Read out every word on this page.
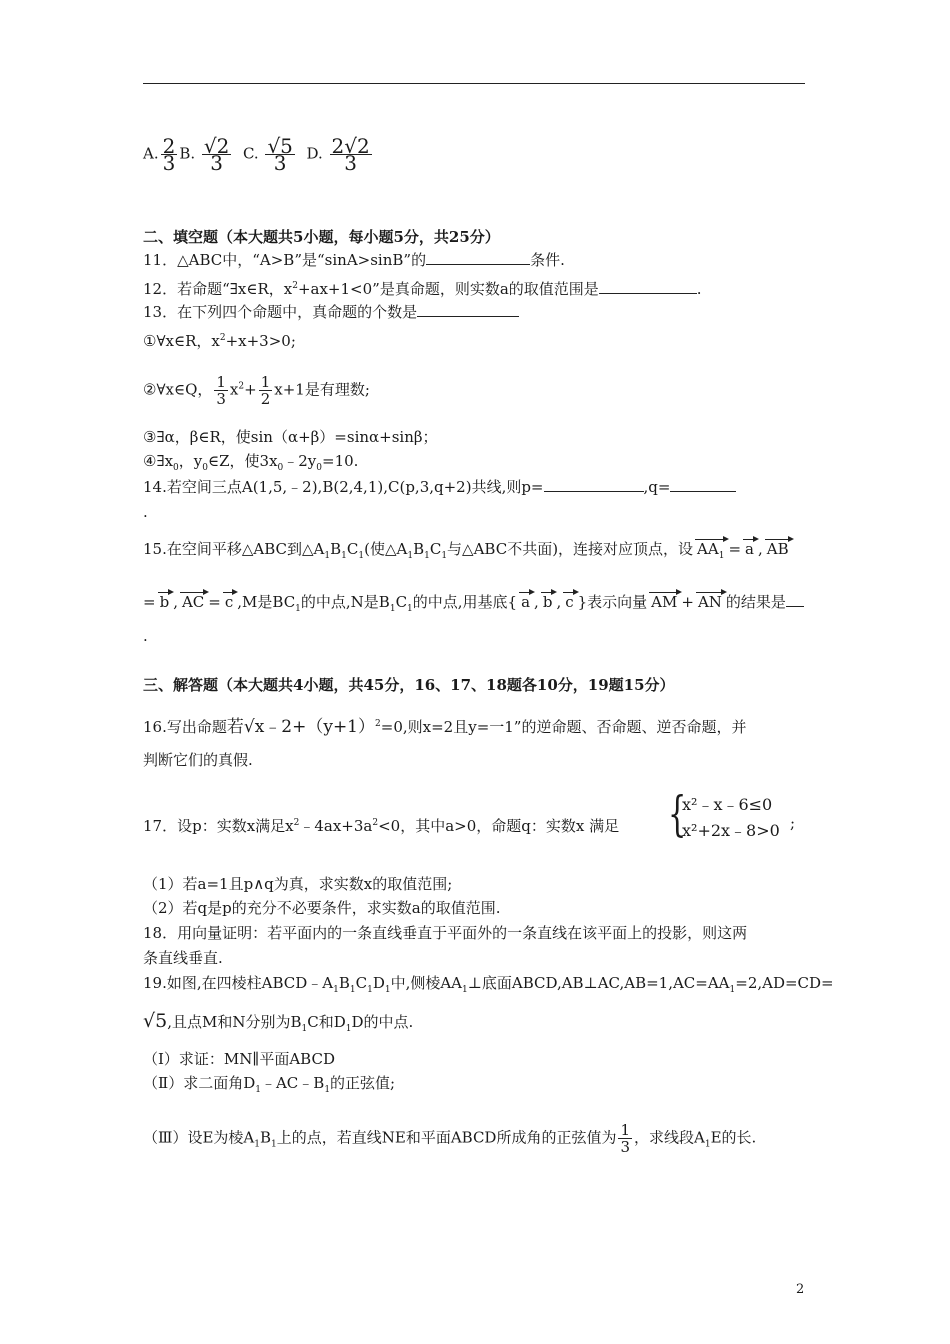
A. $\frac{2}{3} B$. $\frac{√2}{3} C$. $\frac{√5}{3} D$. $\frac{2√2}{3}$
二、填空题（本大题共5小题，每小题5分，共25分）
11．△ABC中，“A>B”是“sinA>sinB”的	条件.
12．若命题“∃x∈R，$x^2+ax+1<0$”是真命题，则实数a的取值范围是	.
13．在下列四个命题中，真命题的个数是
①∀x∈R，$x^2+x+3>0$;
②∀x∈Q， $\frac{1}{3} x^2+ \frac{1}{2} x+1$是有理数;
③∃α，β∈R，使sin（α+β）=sinα+sinβ；
$④\exists x_0$，$y_0\in Z$，使$3x_0﹣2y_0=10$.
14.若空间三点A(1,5,﹣2),B(2,4,1),C(p,3,q+2)共线,则p=	,q=
.
15.在空间平移△ABC到$\triangle A_1B_1C_1$(使$\triangle A_1B_1C_1$与△ABC不共面)，连接对应顶点，设 $AA_1 = a$ , AB
= b , AC = c ,M是$BC_1$的中点,N是$B_1C_1$的中点,用基底{ a , b , c }表示向量 AM + AN 的结果是
.
三、解答题（本大题共4小题，共45分，16、17、18题各10分，19题15分）
16.写出命题若$√x﹣2+(y+1)^2=0$,则x=2且y=一1”的逆命题、否命题、逆否命题，并
判断它们的真假.
17．设p：实数x满足$x^2﹣4ax+3a^2<0$，其中a>0，命题q：实数x 满足 {
x²﹣x﹣6≤0
x²+2x﹣8>0 ;
（1）若a=1且p∧q为真，求实数x的取值范围;
（2）若q是p的充分不必要条件，求实数a的取值范围.
18．用向量证明：若平面内的一条直线垂直于平面外的一条直线在该平面上的投影，则这两
条直线垂直.
19.如图,在四棱柱$ABCD﹣A_1B_1C_1D_1$中,侧棱$AA_1\perp$底面$ABCD,AB\perp AC,AB=1,AC=AA_1=2,AD=CD=$
√5,且点M和N分别为$B_1C$和$D_1D$的中点.
（Ⅰ）求证：MN∥平面ABCD
（Ⅱ）求二面角$D_1﹣AC﹣B_1$的正弦值;
（Ⅲ）设E为棱$A_1B_1$上的点，若直线NE和平面ABCD所成角的正弦值为 $\frac{1}{3}$ ，求线段$A_1E$的长.
2
